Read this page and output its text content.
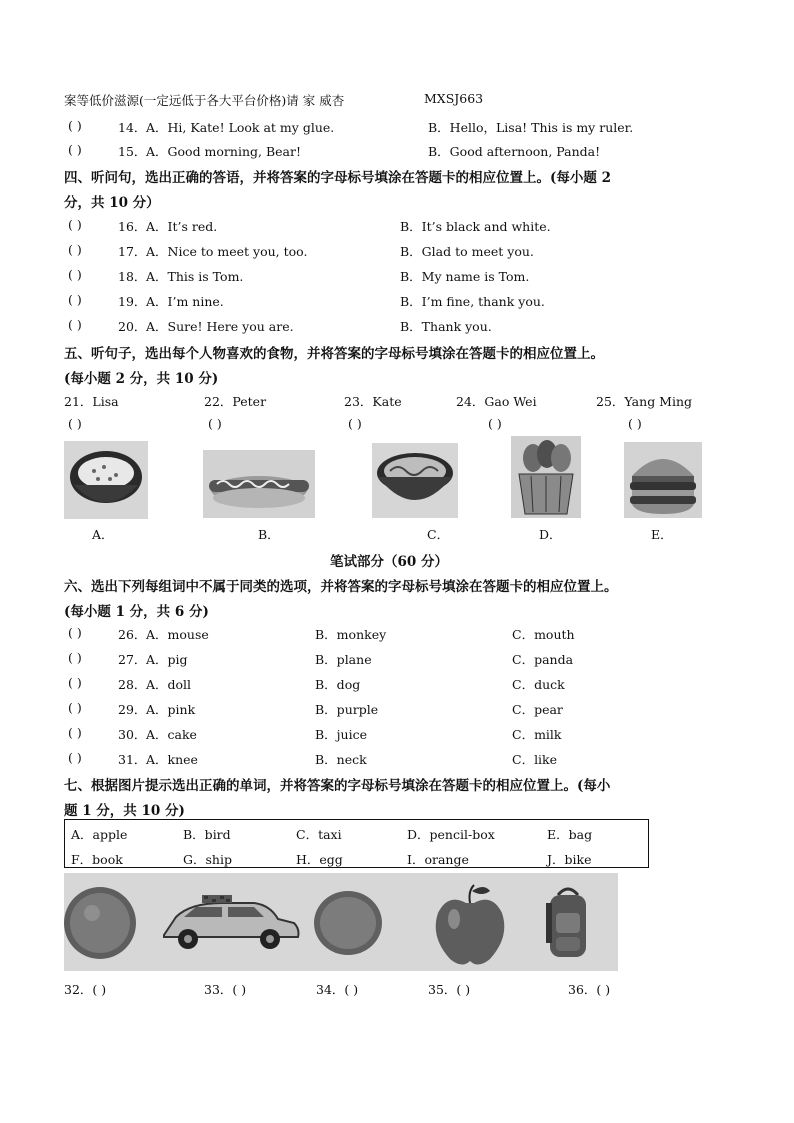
案等低价滋源(一定远低于各大平台价格)请 家 威杏	MXSJ663
( )	14． A．Hi, Kate! Look at my glue.	B．Hello，Lisa! This is my ruler.
( )	15． A．Good morning, Bear!	B．Good afternoon, Panda!
四、听问句，选出正确的答语，并将答案的字母标号填涂在答题卡的相应位置上。(每小题 2
分，共 10 分）
( )	16． A．It’s red.	B．It’s black and white.
( )	17． A．Nice to meet you, too.	B．Glad to meet you.
( )	18． A．This is Tom.	B．My name is Tom.
( )	19． A．I’m nine.	B．I’m fine, thank you.
( )	20． A．Sure! Here you are.	B．Thank you.
五、听句子，选出每个人物喜欢的食物，并将答案的字母标号填涂在答题卡的相应位置上。
(每小题 2 分，共 10 分)
21．Lisa	22．Peter	23．Kate	24．Gao Wei	25．Yang Ming
( )	( )	( )	( )	( )
A．	B．	C．	D．	E．
笔试部分（60 分）
六、选出下列每组词中不属于同类的选项，并将答案的字母标号填涂在答题卡的相应位置上。
(每小题 1 分，共 6 分)
( )	26． A．mouse	B．monkey	C．mouth
( )	27． A．pig	B．plane	C．panda
( )	28． A．doll	B．dog	C．duck
( )	29． A．pink	B．purple	C．pear
( )	30． A．cake	B．juice	C．milk
( )	31． A．knee	B．neck	C．like
七、根据图片提示选出正确的单词，并将答案的字母标号填涂在答题卡的相应位置上。(每小
题 1 分，共 10 分)
A．apple	B．bird	C．taxi	D．pencil-box	E．bag
F．book	G．ship	H．egg	I．orange	J．bike
32．( )	33．( )	34．( )	35．( )	36．( )
